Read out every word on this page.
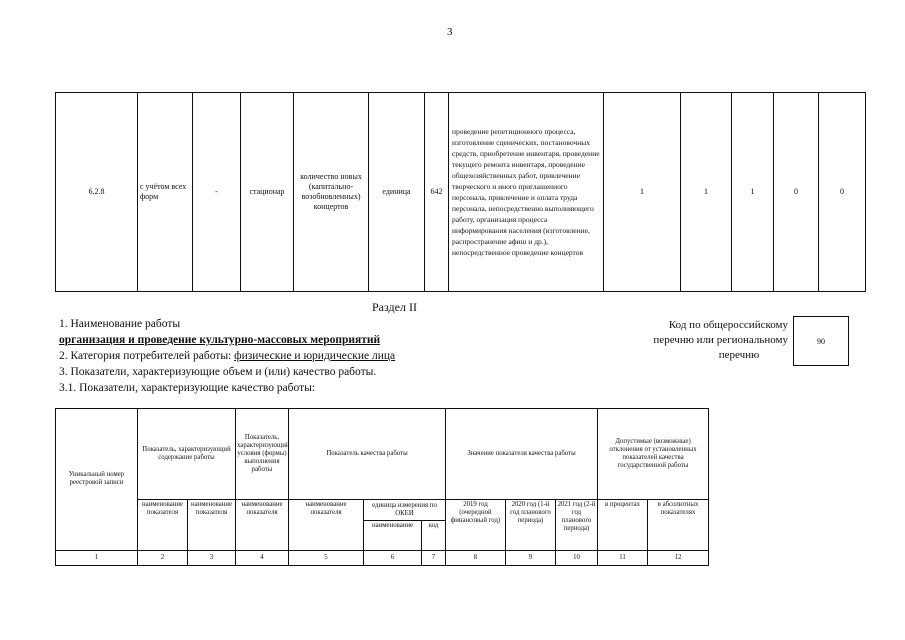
3
6.2.8	с учётом всех форм	-	стационар	количество новых (капитально-возобновленных) концертов	единица	642	проведение репетиционного процесса, изготовление сценических, постановочных средств, приобретение инвентаря, проведение текущего ремонта инвентаря, проведение общехозяйственных работ, привлечение творческого и иного приглашенного персонала, привлечение и оплата труда персонала, непосредственно выполняющего работу, организация процесса информирования населения (изготовление, распространение афиш и др.), непосредственное проведение концертов	1	1	1	0	0
Раздел II
1. Наименование работы
организация и проведение культурно-массовых мероприятий
2. Категория потребителей работы: физические и юридические лица
3. Показатели, характеризующие объем и (или) качество работы.
3.1. Показатели, характеризующие качество работы:
Код по общероссийскому
перечню или региональному
перечню
90
Уникальный номер реестровой записи	Показатель, характеризующий содержание работы		Показатель, характеризующий условия (формы) выполнения работы	Показатель качества работы			Значение показателя качества работы			Допустимые (возможные) отклонения от установленных показателей качества государственной работы	
	наименование показателя	наименование показателя	наименование показателя	наименование показателя	единица измерения по ОКЕИ		2019 год (очередной финансовый год)	2020 год (1-й год планового периода)	2021 год (2-й год планового периода)	в процентах	в абсолютных показателях
					наименование	код					
1	2	3	4	5	6	7	8	9	10	11	12
